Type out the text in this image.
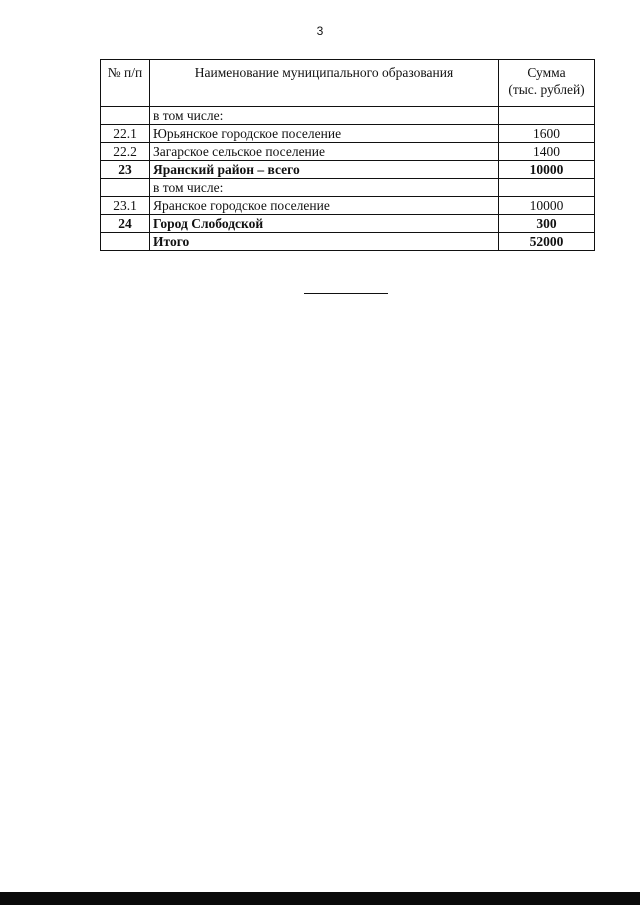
3
№ п/п	Наименование муниципального образования	Сумма
(тыс. рублей)
	в том числе:	
22.1	Юрьянское городское поселение	1600
22.2	Загарское сельское поселение	1400
23	Яранский район – всего	10000
	в том числе:	
23.1	Яранское городское поселение	10000
24	Город Слободской	300
	Итого	52000
